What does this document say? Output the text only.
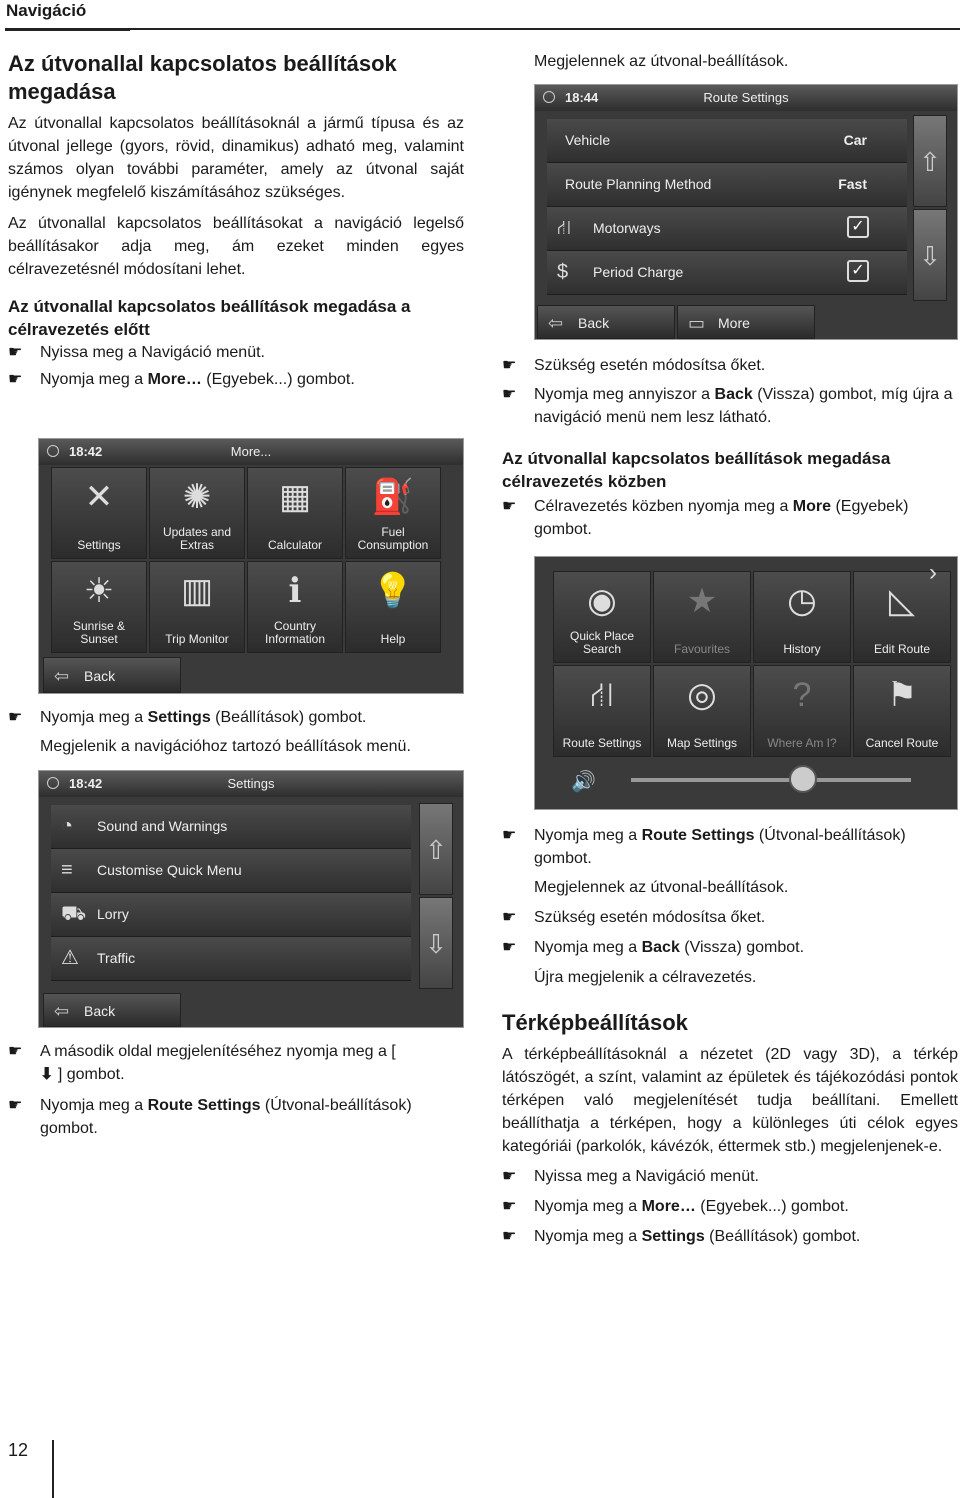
Navigáció
Az útvonallal kapcsolatos beállítások megadása

Az útvonallal kapcsolatos beállításoknál a jármű típusa és az útvonal jellege (gyors, rövid, dinamikus) adható meg, valamint számos olyan további paraméter, amely az útvonal saját igénynek megfelelő kiszámításához szükséges.

Az útvonallal kapcsolatos beállításokat a navigáció legelső beállításakor adja meg, ám ezeket minden egyes célravezetésnél módosítani lehet.

Az útvonallal kapcsolatos beállítások megadása a célravezetés előtt
☛ Nyissa meg a Navigáció menüt.
☛ Nyomja meg a More… (Egyebek...) gombot.
18:42	More...
✕
Settings
✺
Updates and Extras
▦
Calculator
⛽
Fuel Consumption
☀
Sunrise & Sunset
▥
Trip Monitor
ℹ
Country Information
💡
Help
⇦ Back
☛ Nyomja meg a Settings (Beállítások) gombot.

Megjelenik a navigációhoz tartozó beállítások menü.

18:42	Settings
◔ Sound and Warnings
≡ Customise Quick Menu
⛟ Lorry
⚠ Traffic
⇧
⇩
⇦ Back
☛ A második oldal megjelenítéséhez nyomja meg a [
⬇ ] gombot.
☛ Nyomja meg a Route Settings (Útvonal-beállítások) gombot.

Megjelennek az útvonal-beállítások.

18:44	Route Settings
Vehicle	Car
Route Planning Method	Fast
⛙ Motorways	✓
$ Period Charge	✓
⇧
⇩
⇦ Back	▭ More
☛ Szükség esetén módosítsa őket.
☛ Nyomja meg annyiszor a Back (Vissza) gombot, míg újra a navigáció menü nem lesz látható.
Az útvonallal kapcsolatos beállítások megadása célravezetés közben
☛ Célravezetés közben nyomja meg a More (Egyebek) gombot.
◉
Quick Place Search
★
Favourites
◷
History
◺
Edit Route
⛙
Route Settings
◎
Map Settings
?
Where Am I?
⚑
Cancel Route
›
🔊
☛ Nyomja meg a Route Settings (Útvonal-beállítások) gombot.

Megjelennek az útvonal-beállítások.

☛ Szükség esetén módosítsa őket.
☛ Nyomja meg a Back (Vissza) gombot.

Újra megjelenik a célravezetés.

Térképbeállítások

A térképbeállításoknál a nézetet (2D vagy 3D), a térkép látószögét, a színt, valamint az épületek és tájékozódási pontok térképen való megjelenítését tudja beállítani. Emellett beállíthatja a térképen, hogy a különleges úti célok egyes kategóriái (parkolók, kávézók, éttermek stb.) megjelenjenek-e.

☛ Nyissa meg a Navigáció menüt.
☛ Nyomja meg a More… (Egyebek...) gombot.
☛ Nyomja meg a Settings (Beállítások) gombot.
12
